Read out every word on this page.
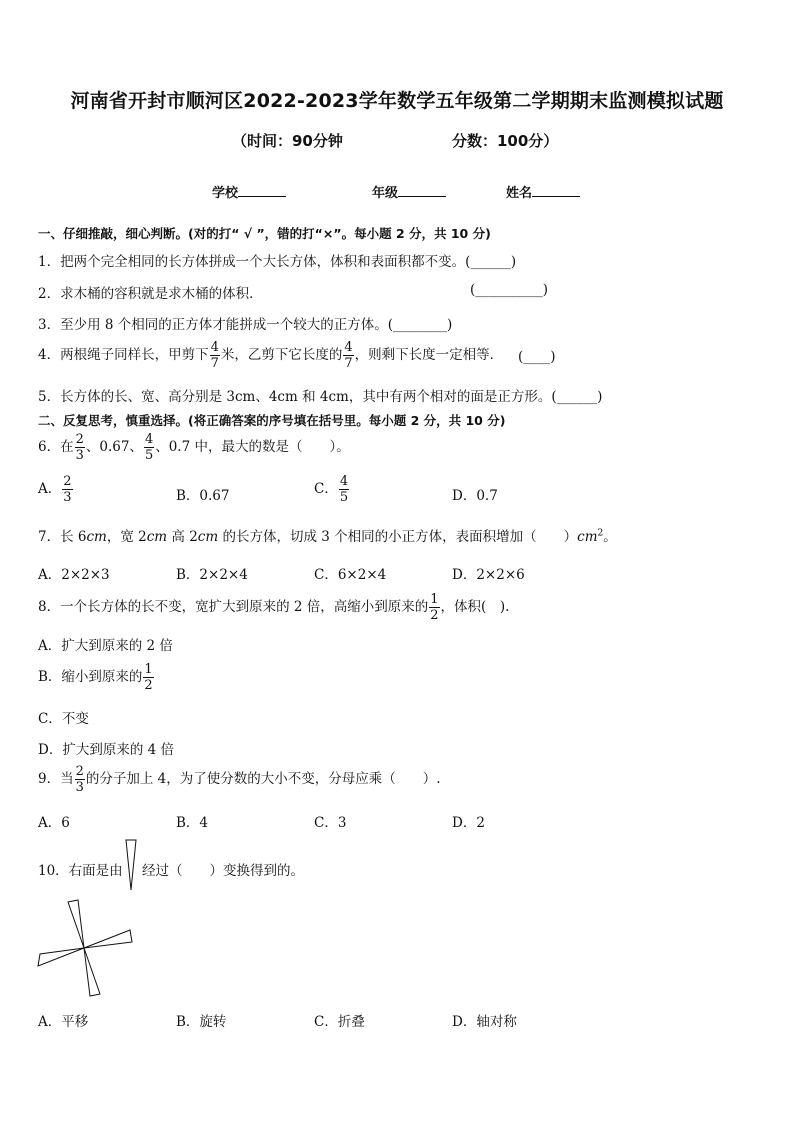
河南省开封市顺河区2022-2023学年数学五年级第二学期期末监测模拟试题
（时间：90分钟	分数：100分）
学校	年级	姓名
一、仔细推敲，细心判断。(对的打“ √ ”，错的打“×”。每小题 2 分，共 10 分)
1．把两个完全相同的长方体拼成一个大长方体，体积和表面积都不变。(______)
2．求木桶的容积就是求木桶的体积．	(__________)
3．至少用 8 个相同的正方体才能拼成一个较大的正方体。(________)
4．两根绳子同样长，甲剪下 $\frac{4}{7}$ 米，乙剪下它长度的 $\frac{4}{7}$ ，则剩下长度一定相等． (____)
5．长方体的长、宽、高分别是 3cm、4cm 和 4cm，其中有两个相对的面是正方形。(______)
二、反复思考，慎重选择。(将正确答案的序号填在括号里。每小题 2 分，共 10 分)
6．在 $\frac{2}{3}$ 、0.67、 $\frac{4}{5}$ 、0.7 中，最大的数是（　　）。
A． $\frac{2}{3}$	B．0.67	C． $\frac{4}{5}$	D．0.7
7．长 6cm，宽 2cm 高 2cm 的长方体，切成 3 个相同的小正方体，表面积增加（　　）$cm^2$。
A．2×2×3	B．2×2×4	C．6×2×4	D．2×2×6
8．一个长方体的长不变，宽扩大到原来的 2 倍，高缩小到原来的 $\frac{1}{2}$ ，体积(　).
A．扩大到原来的 2 倍
B．缩小到原来的 $\frac{1}{2}$
C．不变
D．扩大到原来的 4 倍
9．当 $\frac{2}{3}$ 的分子加上 4，为了使分数的大小不变，分母应乘（　　）.
A．6	B．4	C．3	D．2
10．右面是由 经过（　　）变换得到的。
A．平移	B．旋转	C．折叠	D．轴对称
